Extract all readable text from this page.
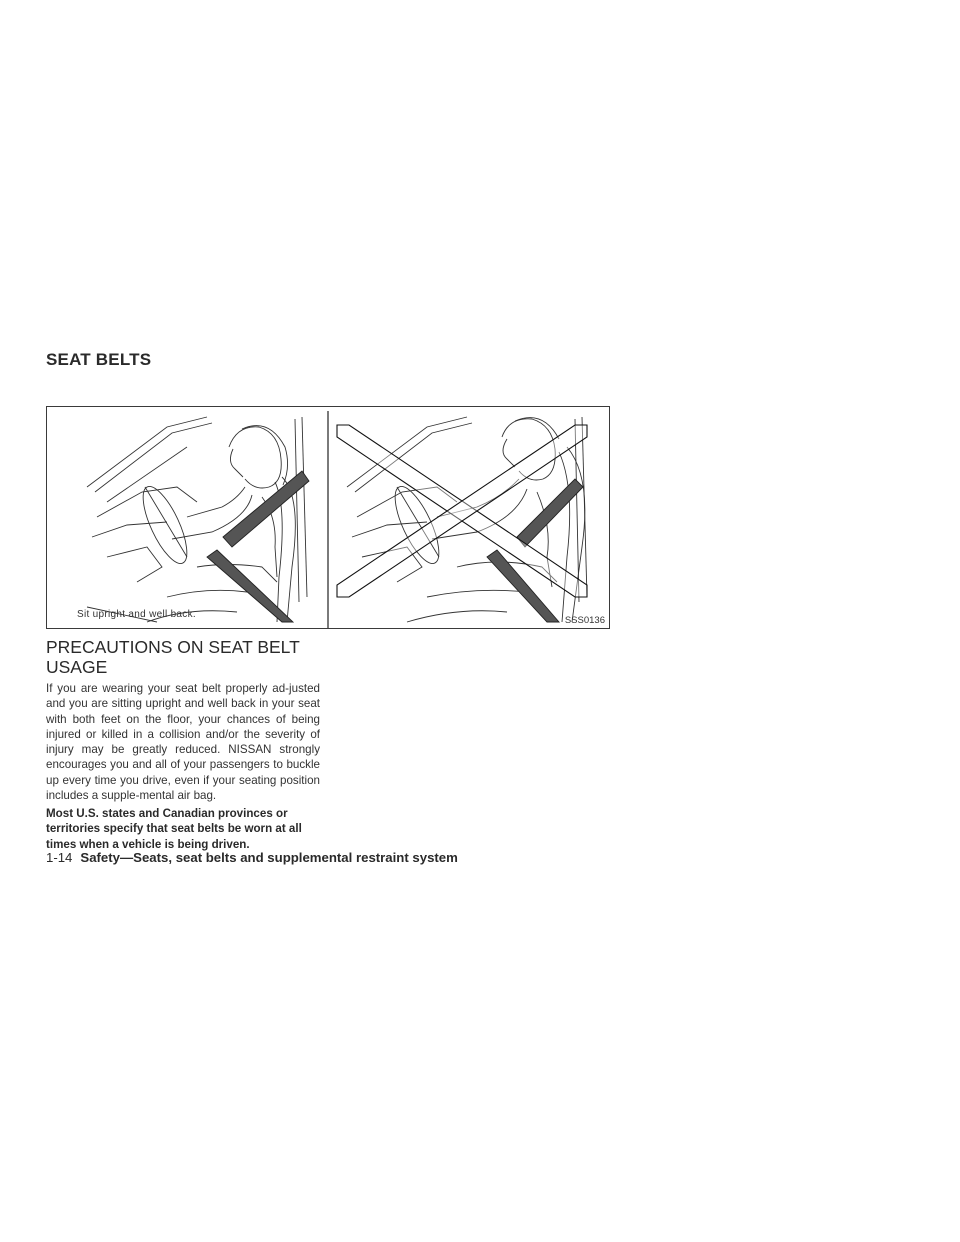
SEAT BELTS
Sit upright and well back.
SSS0136
PRECAUTIONS ON SEAT BELT USAGE

If you are wearing your seat belt properly ad-justed and you are sitting upright and well back in your seat with both feet on the floor, your chances of being injured or killed in a collision and/or the severity of injury may be greatly reduced. NISSAN strongly encourages you and all of your passengers to buckle up every time you drive, even if your seating position includes a supple-mental air bag.

Most U.S. states and Canadian provinces or territories specify that seat belts be worn at all times when a vehicle is being driven.

1-14 Safety—Seats, seat belts and supplemental restraint system
